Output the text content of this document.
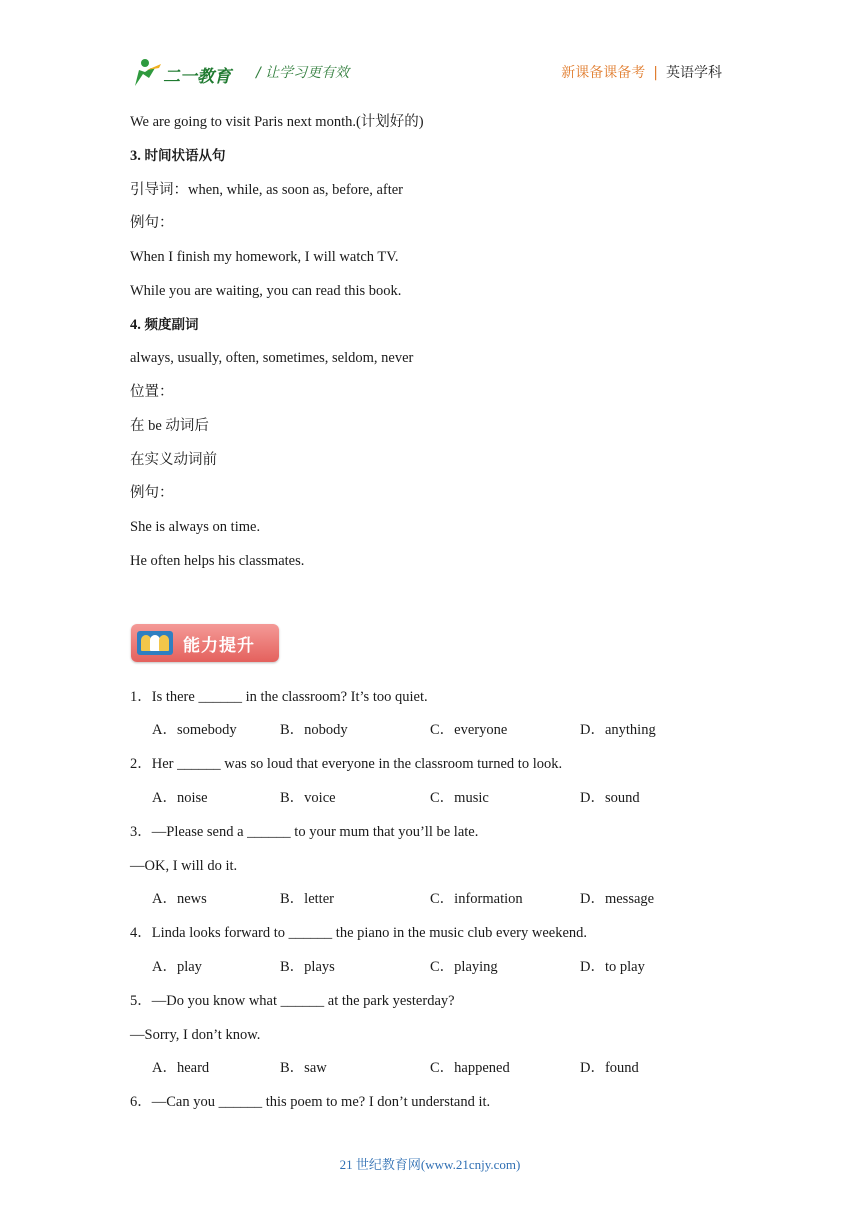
二一教育 / 让学习更有效	新课备课备考 | 英语学科
We are going to visit Paris next month.(计划好的)
3. 时间状语从句
引导词：when, while, as soon as, before, after
例句：
When I finish my homework, I will watch TV.
While you are waiting, you can read this book.
4. 频度副词
always, usually, often, sometimes, seldom, never
位置：
在 be 动词后
在实义动词前
例句：
She is always on time.
He often helps his classmates.
能力提升
1．Is there ______ in the classroom? It’s too quiet.
A．somebody	B．nobody	C．everyone	D．anything
2．Her ______ was so loud that everyone in the classroom turned to look.
A．noise	B．voice	C．music	D．sound
3．—Please send a ______ to your mum that you’ll be late.
—OK, I will do it.
A．news	B．letter	C．information	D．message
4．Linda looks forward to ______ the piano in the music club every weekend.
A．play	B．plays	C．playing	D．to play
5．—Do you know what ______ at the park yesterday?
—Sorry, I don’t know.
A．heard	B．saw	C．happened	D．found
6．—Can you ______ this poem to me? I don’t understand it.
21 世纪教育网(www.21cnjy.com)
